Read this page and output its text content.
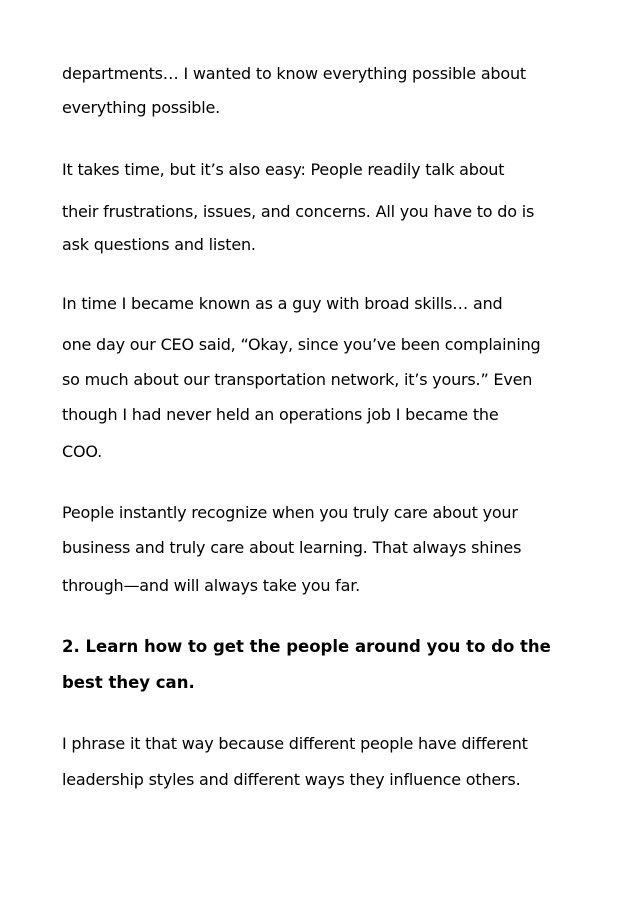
departments… I wanted to know everything possible about
everything possible.
It takes time, but it’s also easy: People readily talk about
their frustrations, issues, and concerns. All you have to do is
ask questions and listen.
In time I became known as a guy with broad skills… and
one day our CEO said, “Okay, since you’ve been complaining
so much about our transportation network, it’s yours.” Even
though I had never held an operations job I became the
COO.
People instantly recognize when you truly care about your
business and truly care about learning. That always shines
through—and will always take you far.
2. Learn how to get the people around you to do the
best they can.
I phrase it that way because different people have different
leadership styles and different ways they influence others.
